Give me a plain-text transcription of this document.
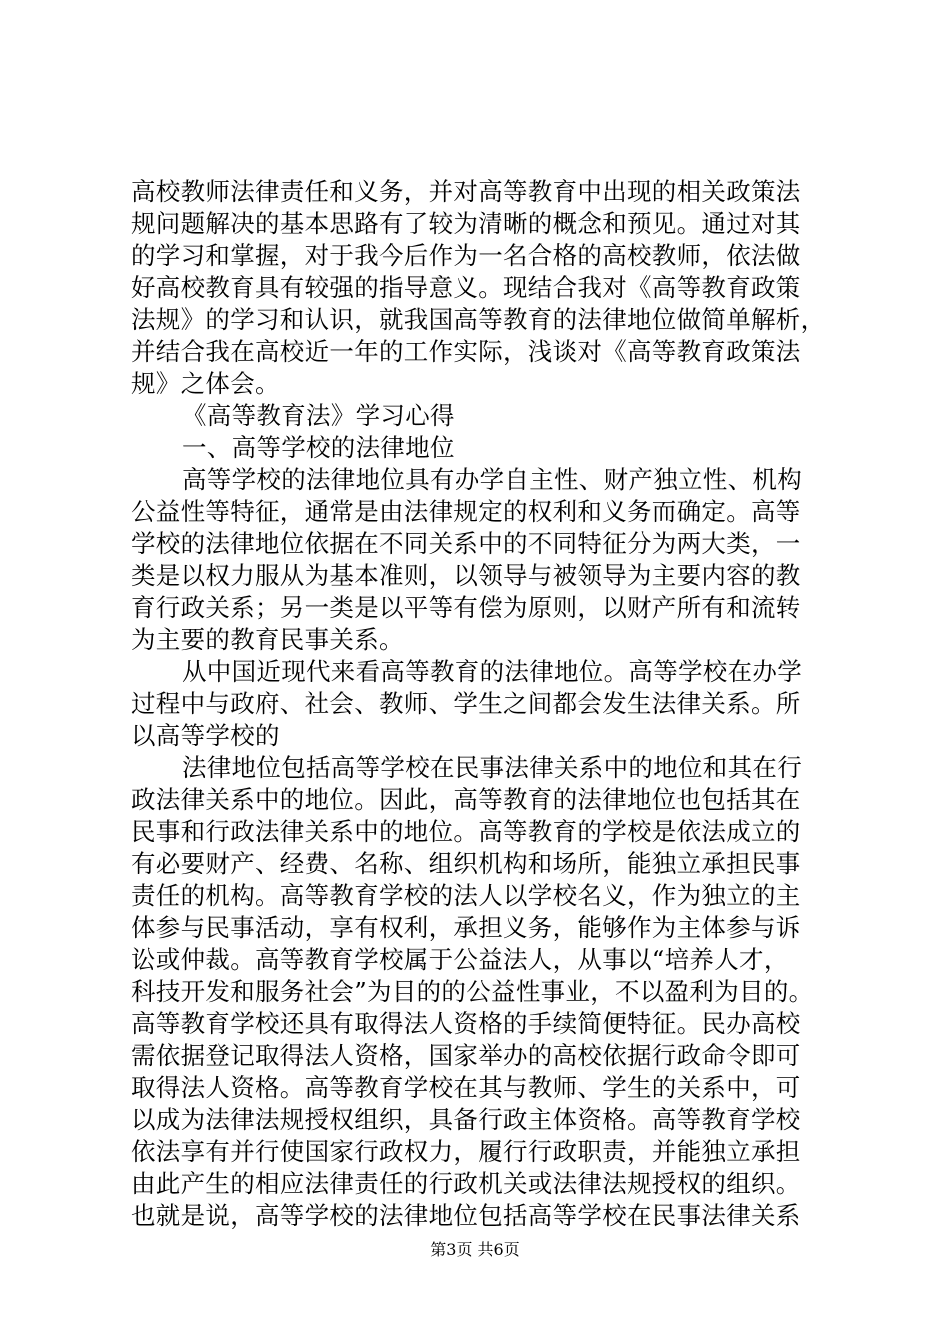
高校教师法律责任和义务，并对高等教育中出现的相关政策法
规问题解决的基本思路有了较为清晰的概念和预见。通过对其
的学习和掌握，对于我今后作为一名合格的高校教师，依法做
好高校教育具有较强的指导意义。现结合我对《高等教育政策
法规》的学习和认识，就我国高等教育的法律地位做简单解析，
并结合我在高校近一年的工作实际，浅谈对《高等教育政策法
规》之体会。
《高等教育法》学习心得
一、高等学校的法律地位
高等学校的法律地位具有办学自主性、财产独立性、机构
公益性等特征，通常是由法律规定的权利和义务而确定。高等
学校的法律地位依据在不同关系中的不同特征分为两大类，一
类是以权力服从为基本准则，以领导与被领导为主要内容的教
育行政关系；另一类是以平等有偿为原则，以财产所有和流转
为主要的教育民事关系。
从中国近现代来看高等教育的法律地位。高等学校在办学
过程中与政府、社会、教师、学生之间都会发生法律关系。所
以高等学校的
法律地位包括高等学校在民事法律关系中的地位和其在行
政法律关系中的地位。因此，高等教育的法律地位也包括其在
民事和行政法律关系中的地位。高等教育的学校是依法成立的
有必要财产、经费、名称、组织机构和场所，能独立承担民事
责任的机构。高等教育学校的法人以学校名义，作为独立的主
体参与民事活动，享有权利，承担义务，能够作为主体参与诉
讼或仲裁。高等教育学校属于公益法人，从事以“培养人才，
科技开发和服务社会”为目的的公益性事业，不以盈利为目的。
高等教育学校还具有取得法人资格的手续简便特征。民办高校
需依据登记取得法人资格，国家举办的高校依据行政命令即可
取得法人资格。高等教育学校在其与教师、学生的关系中，可
以成为法律法规授权组织，具备行政主体资格。高等教育学校
依法享有并行使国家行政权力，履行行政职责，并能独立承担
由此产生的相应法律责任的行政机关或法律法规授权的组织。
也就是说，高等学校的法律地位包括高等学校在民事法律关系
第3页 共6页
